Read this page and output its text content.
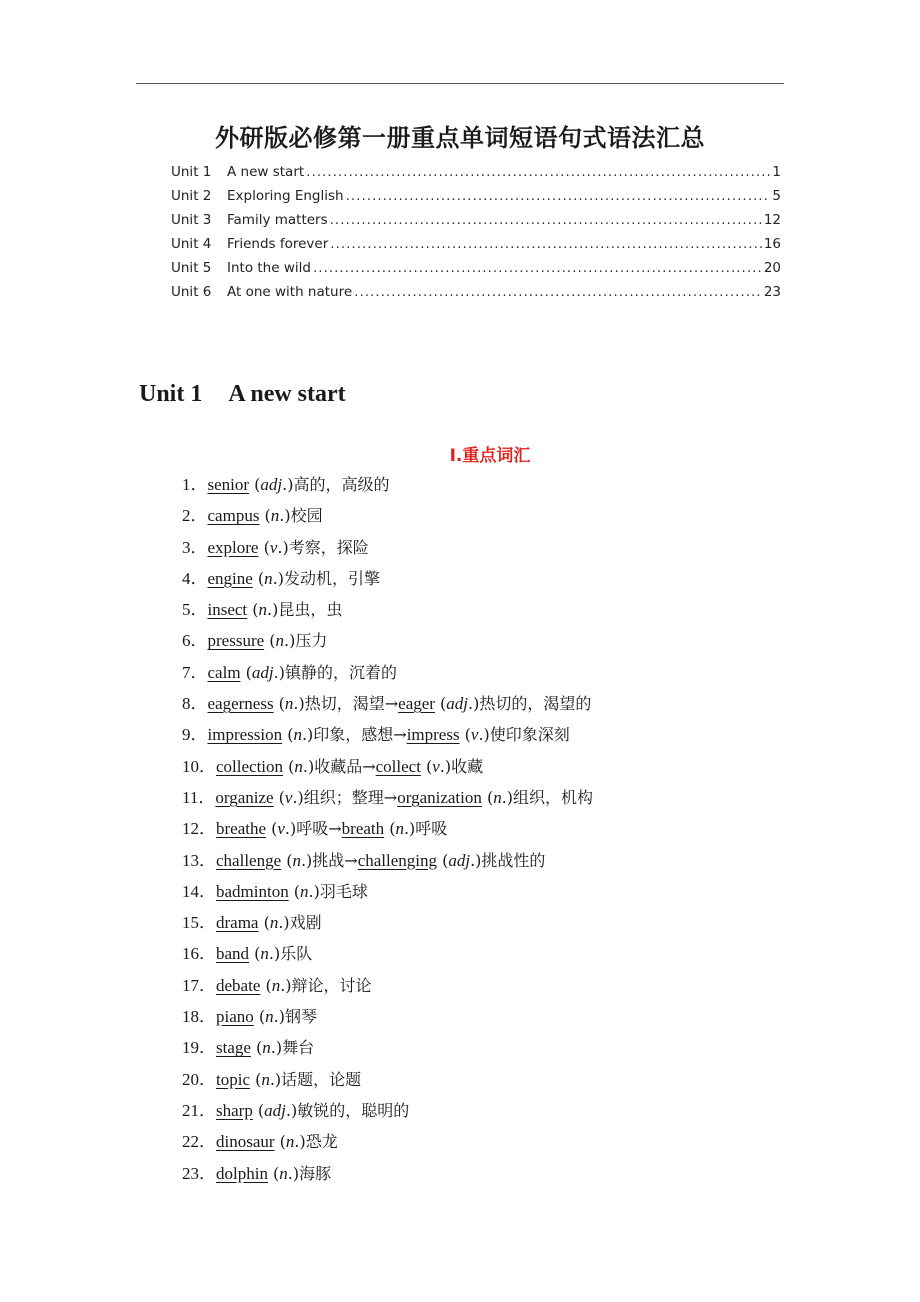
外研版必修第一册重点单词短语句式语法汇总
Unit 1	A new start .....	1
Unit 2	Exploring English .....	5
Unit 3	Family matters .....	12
Unit 4	Friends forever .....	16
Unit 5	Into the wild .....	20
Unit 6	At one with nature .....	23
Unit 1 A new start
Ⅰ.重点词汇
1．senior (adj.)高的，高级的
2．campus (n.)校园
3．explore (v.)考察，探险
4．engine (n.)发动机，引擎
5．insect (n.)昆虫，虫
6．pressure (n.)压力
7．calm (adj.)镇静的，沉着的
8．eagerness (n.)热切，渴望→eager (adj.)热切的，渴望的
9．impression (n.)印象，感想→impress (v.)使印象深刻
10．collection (n.)收藏品→collect (v.)收藏
11．organize (v.)组织；整理→organization (n.)组织，机构
12．breathe (v.)呼吸→breath (n.)呼吸
13．challenge (n.)挑战→challenging (adj.)挑战性的
14．badminton (n.)羽毛球
15．drama (n.)戏剧
16．band (n.)乐队
17．debate (n.)辩论，讨论
18．piano (n.)钢琴
19．stage (n.)舞台
20．topic (n.)话题，论题
21．sharp (adj.)敏锐的，聪明的
22．dinosaur (n.)恐龙
23．dolphin (n.)海豚
